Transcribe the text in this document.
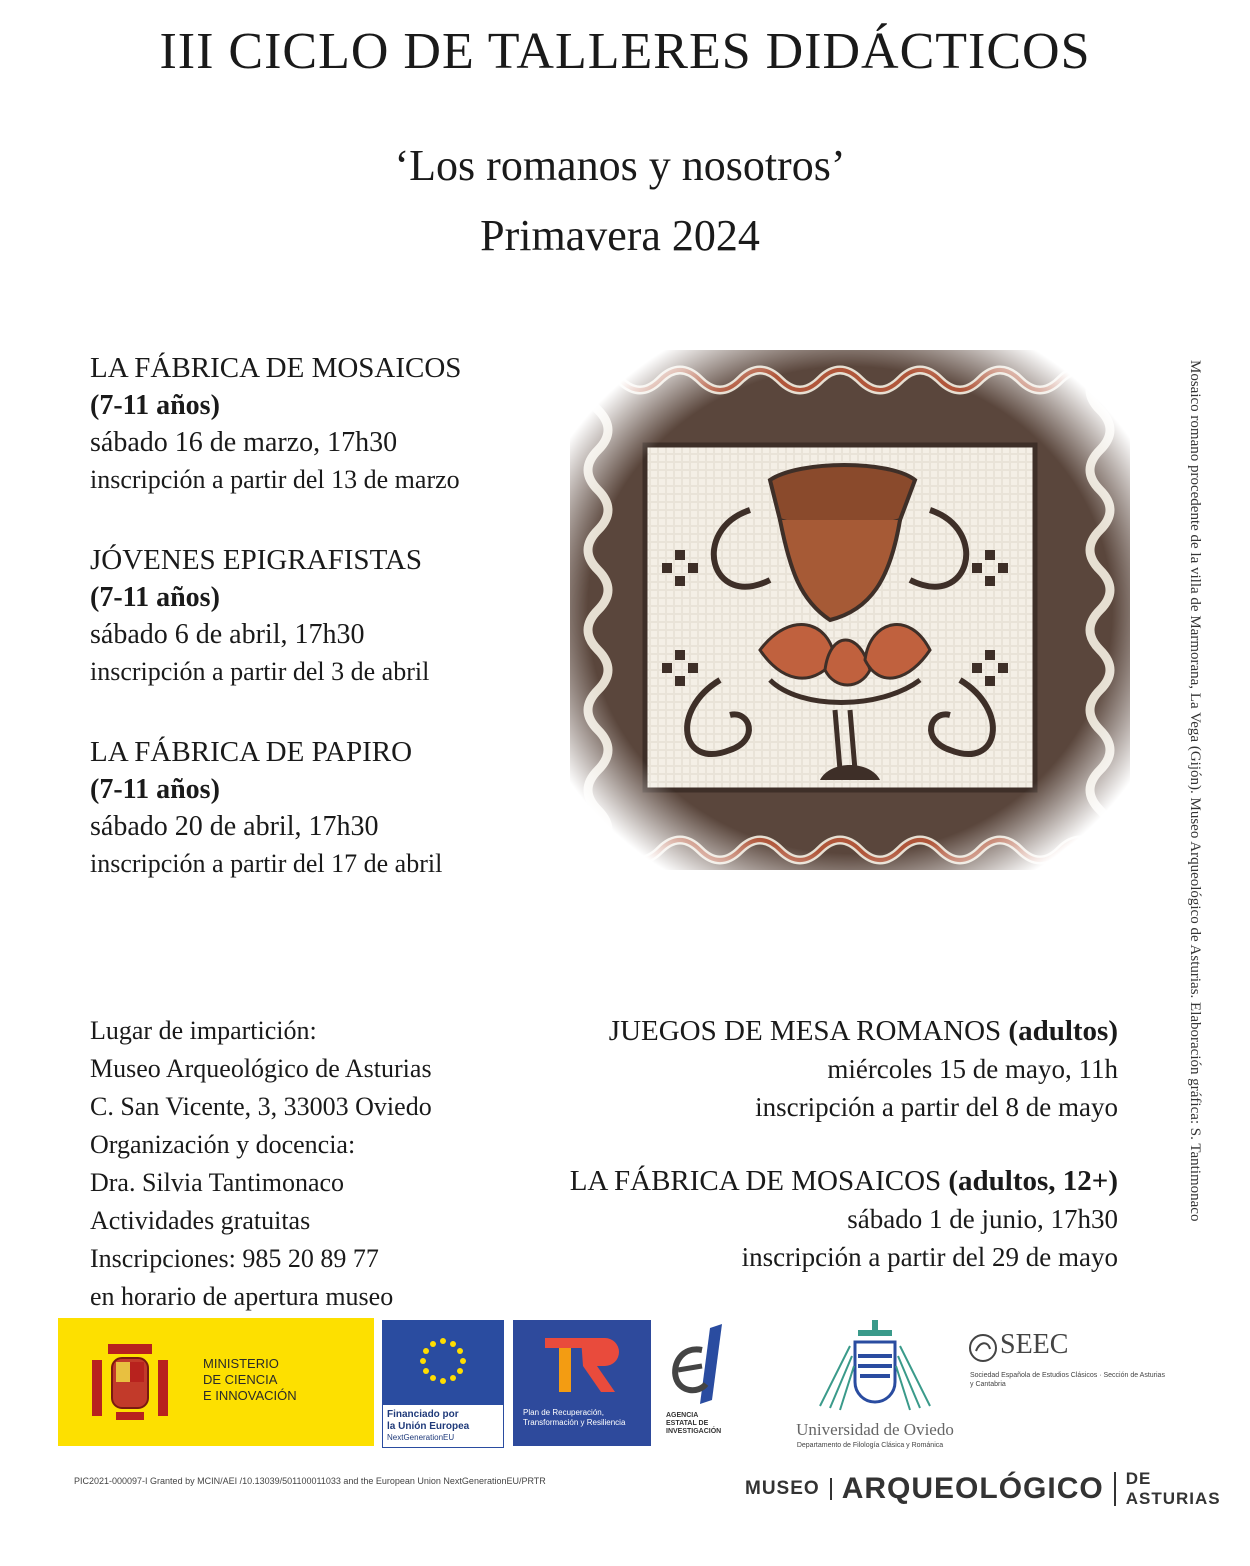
III CICLO DE TALLERES DIDÁCTICOS
‘Los romanos y nosotros’
Primavera 2024
LA FÁBRICA DE MOSAICOS
(7-11 años)
sábado 16 de marzo, 17h30
inscripción a partir del 13 de marzo
JÓVENES EPIGRAFISTAS
(7-11 años)
sábado 6 de abril, 17h30
inscripción a partir del 3 de abril
LA FÁBRICA DE PAPIRO
(7-11 años)
sábado 20 de abril, 17h30
inscripción a partir del 17 de abril	Mosaico romano procedente de la villa de Marmorana, La Vega (Gijón). Museo Arqueológico de Asturias. Elaboración gráfica: S. Tantimonaco
Lugar de impartición:
Museo Arqueológico de Asturias
C. San Vicente, 3, 33003 Oviedo
Organización y docencia:
Dra. Silvia Tantimonaco
Actividades gratuitas
Inscripciones: 985 20 89 77
en horario de apertura museo
JUEGOS DE MESA ROMANOS (adultos)
miércoles 15 de mayo, 11h
inscripción a partir del 8 de mayo
LA FÁBRICA DE MOSAICOS (adultos, 12+)
sábado 1 de junio, 17h30
inscripción a partir del 29 de mayo
MINISTERIO
DE CIENCIA
E INNOVACIÓN
Financiado por
la Unión Europea
NextGenerationEU
Plan de Recuperación, Transformación y Resiliencia
AGENCIA ESTATAL DE INVESTIGACIÓN	Universidad de Oviedo
Departamento de Filología Clásica y Románica
SEEC
Sociedad Española de Estudios Clásicos · Sección de Asturias y Cantabria
PIC2021-000097-I Granted by MCIN/AEI /10.13039/501100011033 and the European Union NextGenerationEU/PRTR	MUSEO ARQUEOLÓGICO	DE ASTURIAS
